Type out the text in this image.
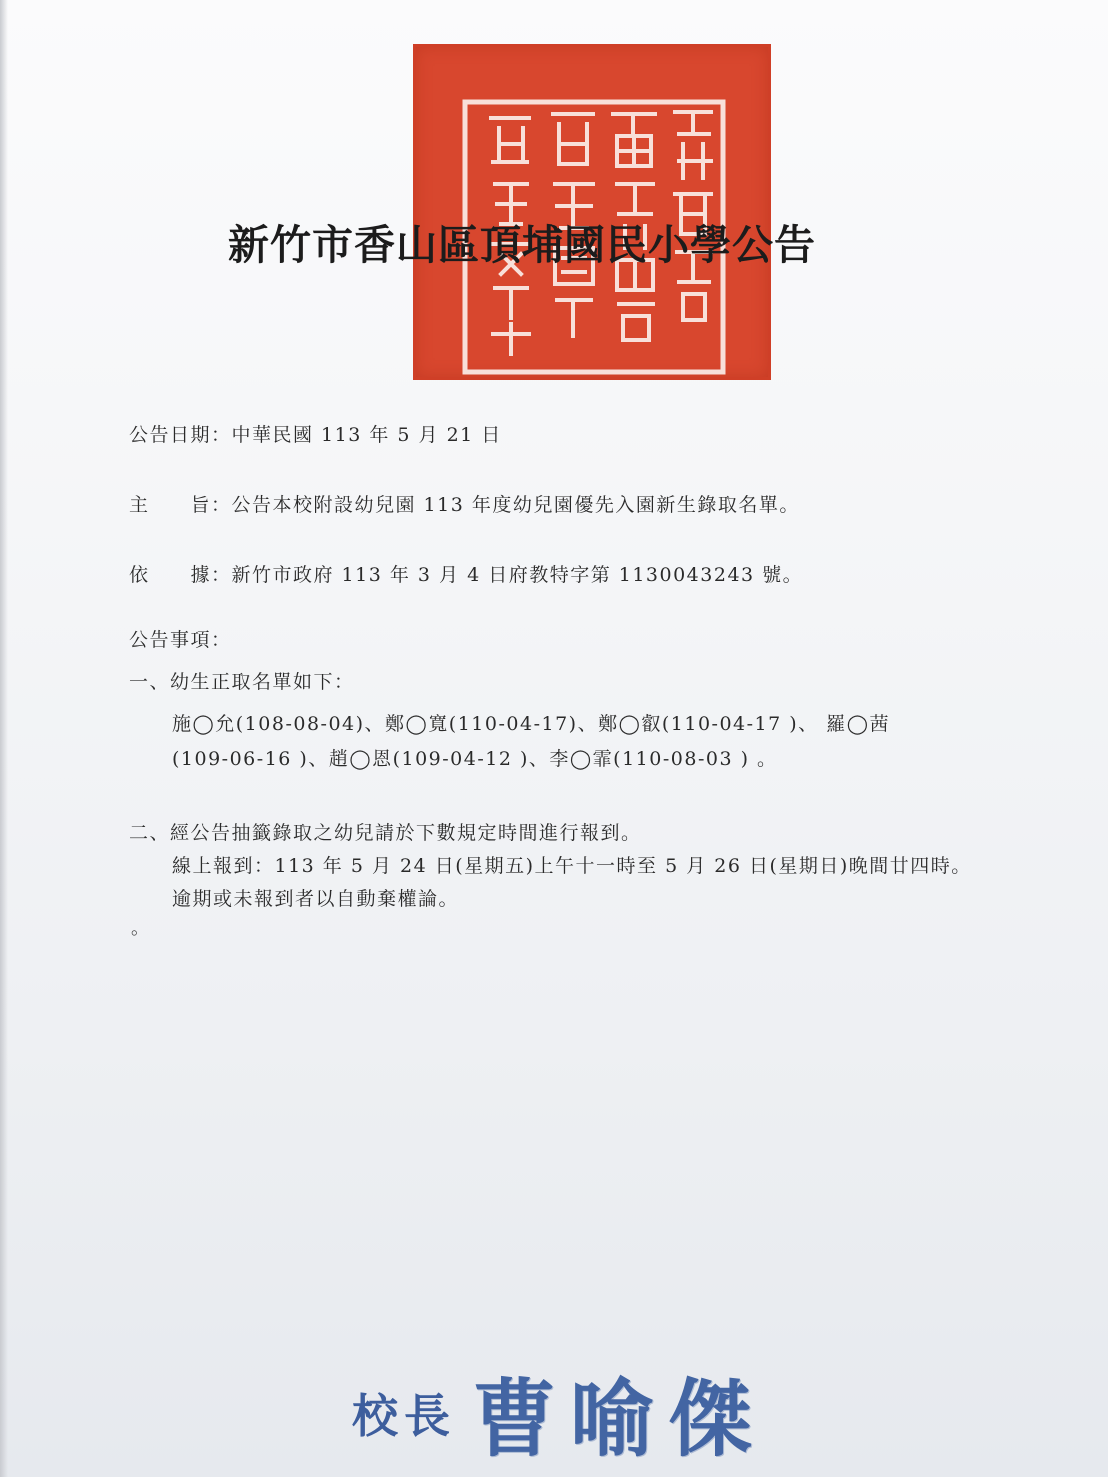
新竹市香山區頂埔國民小學公告
公告日期：中華民國 113 年 5 月 21 日
主　　旨：公告本校附設幼兒園 113 年度幼兒園優先入園新生錄取名單。
依　　據：新竹市政府 113 年 3 月 4 日府教特字第 1130043243 號。
公告事項：
一、幼生正取名單如下：
施◯允(108-08-04)、鄭◯寬(110-04-17)、鄭◯叡(110-04-17 )、 羅◯茜
(109-06-16 )、趙◯恩(109-04-12 )、李◯霏(110-08-03 ) 。
二、經公告抽籤錄取之幼兒請於下數規定時間進行報到。
線上報到：113 年 5 月 24 日(星期五)上午十一時至 5 月 26 日(星期日)晚間廿四時。
逾期或未報到者以自動棄權論。
。
校長 曹喻傑
